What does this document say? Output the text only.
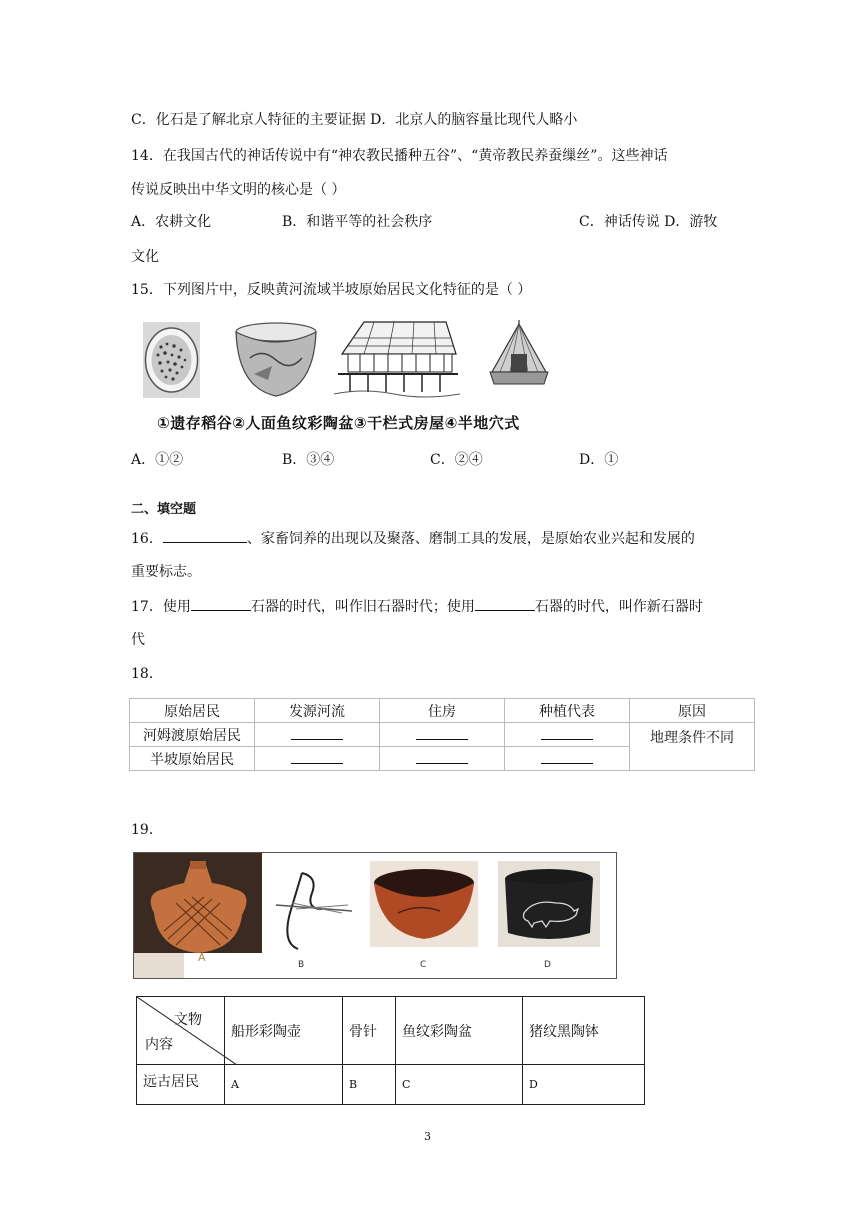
C．化石是了解北京人特征的主要证据 D．北京人的脑容量比现代人略小
14．在我国古代的神话传说中有“神农教民播种五谷”、“黄帝教民养蚕缫丝”。这些神话
传说反映出中华文明的核心是（ ）
A．农耕文化	B．和谐平等的社会秩序	C．神话传说 D．游牧
文化
15．下列图片中，反映黄河流域半坡原始居民文化特征的是（ ）
①遗存稻谷②人面鱼纹彩陶盆③干栏式房屋④半地穴式
A．①②	B．③④	C．②④	D．①
二、填空题
16．	、家畜饲养的出现以及聚落、磨制工具的发展，是原始农业兴起和发展的
重要标志。
17．使用	石器的时代，叫作旧石器时代；使用	石器的时代，叫作新石器时
代
18．
原始居民	发源河流	住房	种植代表	原因
河姆渡原始居民				地理条件不同
半坡原始居民				
19．
A
B	C	D
文物
内容	船形彩陶壶	骨针	鱼纹彩陶盆	猪纹黑陶钵
远古居民	A	B	C	D
3
